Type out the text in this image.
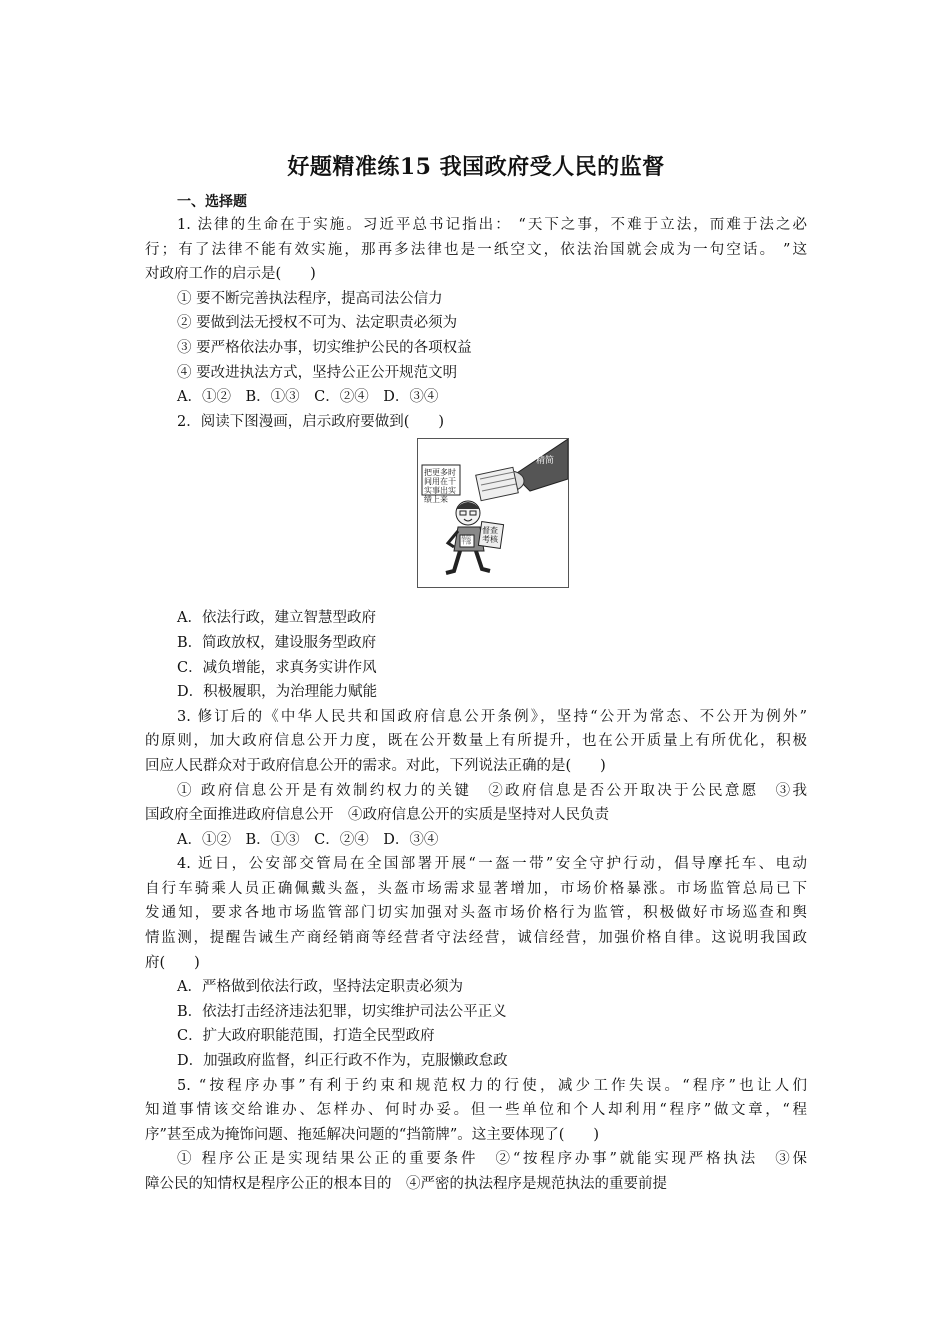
好题精准练15 我国政府受人民的监督

一、选择题

1. 法律的生命在于实施。习近平总书记指出： “天下之事，不难于立法，而难于法之必

行；有了法律不能有效实施，那再多法律也是一纸空文，依法治国就会成为一句空话。 ”这

对政府工作的启示是(　　)

① 要不断完善执法程序，提高司法公信力

② 要做到法无授权不可为、法定职责必须为

③ 要严格依法办事，切实维护公民的各项权益

④ 要改进执法方式，坚持公正公开规范文明

A．①②　B．①③　C．②④　D．③④

2．阅读下图漫画，启示政府要做到(　　)

把更多时间用在干实事出实绩上来
精简
督查考核
基层干部

A．依法行政，建立智慧型政府

B．简政放权，建设服务型政府

C．减负增能，求真务实讲作风

D．积极履职，为治理能力赋能

3. 修订后的《中华人民共和国政府信息公开条例》，坚持“公开为常态、不公开为例外”

的原则，加大政府信息公开力度，既在公开数量上有所提升，也在公开质量上有所优化，积极

回应人民群众对于政府信息公开的需求。对此，下列说法正确的是(　　)

① 政府信息公开是有效制约权力的关键　②政府信息是否公开取决于公民意愿　③我

国政府全面推进政府信息公开　④政府信息公开的实质是坚持对人民负责

A．①②　B．①③　C．②④　D．③④

4. 近日，公安部交管局在全国部署开展“一盔一带”安全守护行动，倡导摩托车、电动

自行车骑乘人员正确佩戴头盔，头盔市场需求显著增加，市场价格暴涨。市场监管总局已下

发通知，要求各地市场监管部门切实加强对头盔市场价格行为监管，积极做好市场巡查和舆

情监测，提醒告诫生产商经销商等经营者守法经营，诚信经营，加强价格自律。这说明我国政

府(　　)

A．严格做到依法行政，坚持法定职责必须为

B．依法打击经济违法犯罪，切实维护司法公平正义

C．扩大政府职能范围，打造全民型政府

D．加强政府监督，纠正行政不作为，克服懒政怠政

5. “按程序办事”有利于约束和规范权力的行使，减少工作失误。“程序”也让人们

知道事情该交给谁办、怎样办、何时办妥。但一些单位和个人却利用“程序”做文章，“程

序”甚至成为掩饰问题、拖延解决问题的“挡箭牌”。这主要体现了(　　)

① 程序公正是实现结果公正的重要条件　②“按程序办事”就能实现严格执法　③保

障公民的知情权是程序公正的根本目的　④严密的执法程序是规范执法的重要前提
